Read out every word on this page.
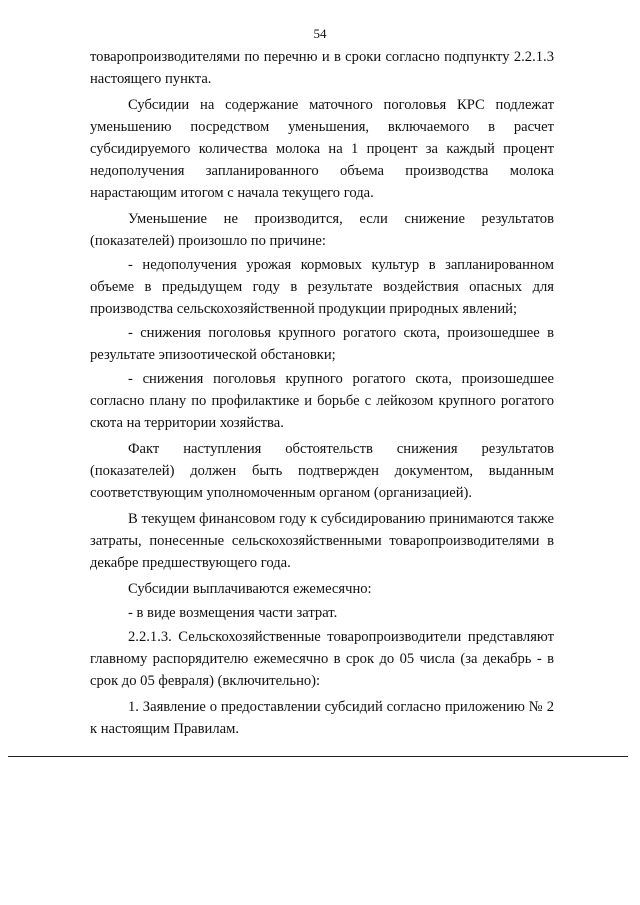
54

товаропроизводителями по перечню и в сроки согласно подпункту 2.2.1.3 настоящего пункта.

Субсидии на содержание маточного поголовья КРС подлежат уменьшению посредством уменьшения, включаемого в расчет субсидируемого количества молока на 1 процент за каждый процент недополучения запланированного объема производства молока нарастающим итогом с начала текущего года.

Уменьшение не производится, если снижение результатов (показателей) произошло по причине:

- недополучения урожая кормовых культур в запланированном объеме в предыдущем году в результате воздействия опасных для производства сельскохозяйственной продукции природных явлений;

- снижения поголовья крупного рогатого скота, произошедшее в результате эпизоотической обстановки;

- снижения поголовья крупного рогатого скота, произошедшее согласно плану по профилактике и борьбе с лейкозом крупного рогатого скота на территории хозяйства.

Факт наступления обстоятельств снижения результатов (показателей) должен быть подтвержден документом, выданным соответствующим уполномоченным органом (организацией).

В текущем финансовом году к субсидированию принимаются также затраты, понесенные сельскохозяйственными товаропроизводителями в декабре предшествующего года.

Субсидии выплачиваются ежемесячно:

- в виде возмещения части затрат.

2.2.1.3. Сельскохозяйственные товаропроизводители представляют главному распорядителю ежемесячно в срок до 05 числа (за декабрь - в срок до 05 февраля) (включительно):

1. Заявление о предоставлении субсидий согласно приложению № 2 к настоящим Правилам.
